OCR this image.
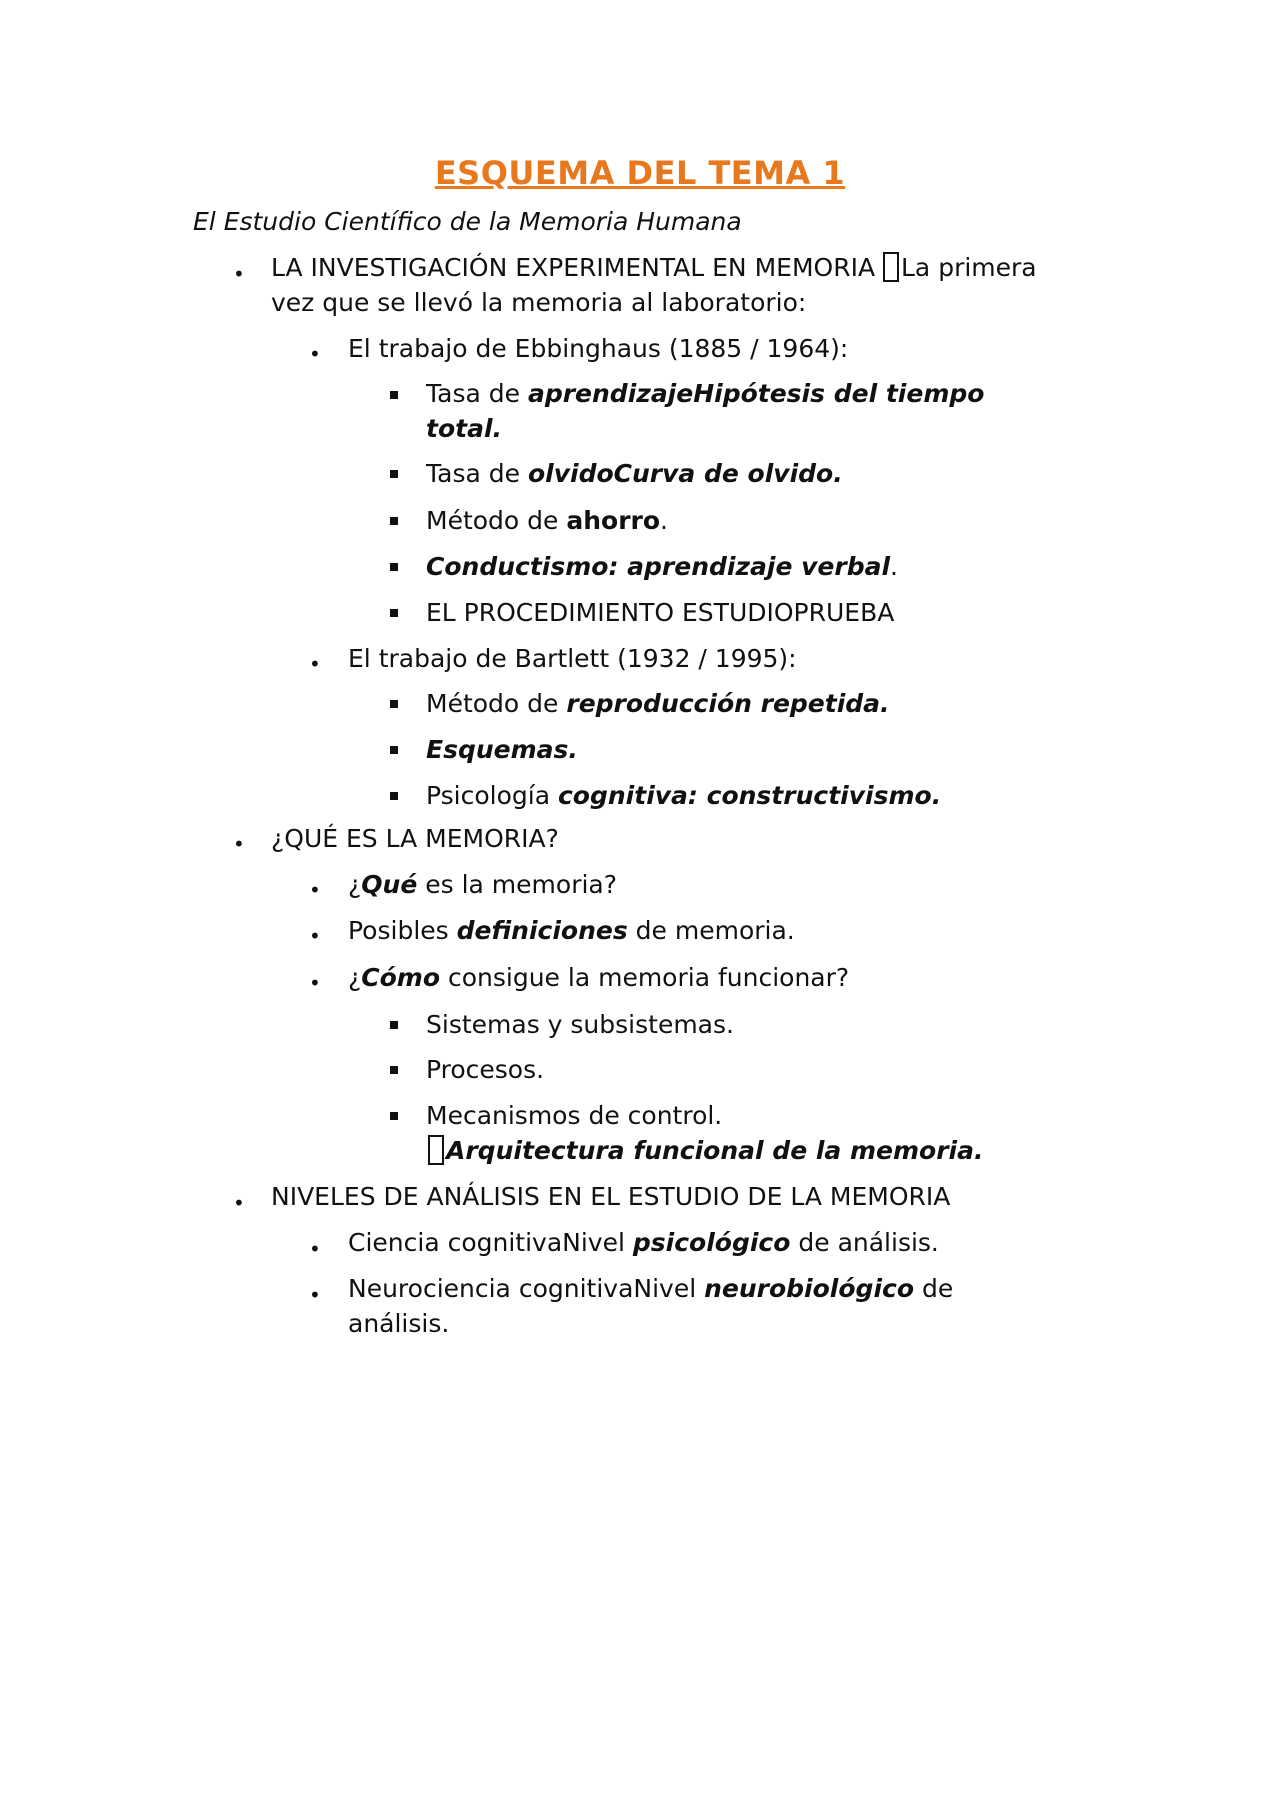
ESQUEMA DEL TEMA 1
El Estudio Científico de la Memoria Humana
• LA INVESTIGACIÓN EXPERIMENTAL EN MEMORIA La primera
vez que se llevó la memoria al laboratorio:
• El trabajo de Ebbinghaus (1885 / 1964):
Tasa de aprendizajeHipótesis del tiempo
total.
Tasa de olvidoCurva de olvido.
Método de ahorro.
Conductismo: aprendizaje verbal.
EL PROCEDIMIENTO ESTUDIOPRUEBA
• El trabajo de Bartlett (1932 / 1995):
Método de reproducción repetida.
Esquemas.
Psicología cognitiva: constructivismo.
• ¿QUÉ ES LA MEMORIA?
• ¿Qué es la memoria?
• Posibles definiciones de memoria.
• ¿Cómo consigue la memoria funcionar?
Sistemas y subsistemas.
Procesos.
Mecanismos de control.
Arquitectura funcional de la memoria.
• NIVELES DE ANÁLISIS EN EL ESTUDIO DE LA MEMORIA
• Ciencia cognitivaNivel psicológico de análisis.
• Neurociencia cognitivaNivel neurobiológico de
análisis.
